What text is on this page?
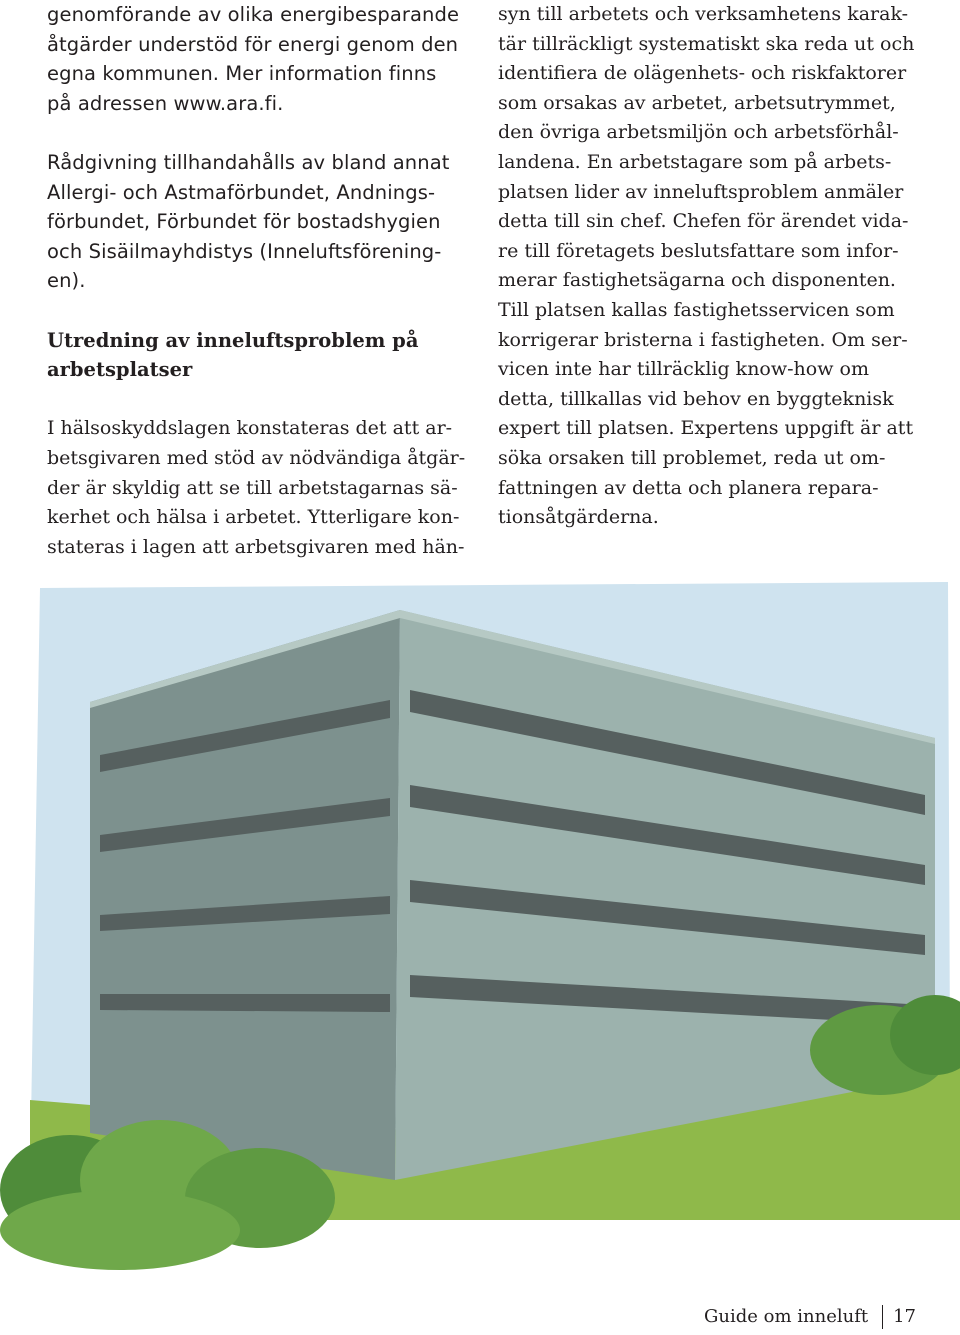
genomförande av olika energibesparande
åtgärder understöd för energi genom den
egna kommunen. Mer information finns
på adressen www.ara.fi.
Rådgivning tillhandahålls av bland annat
Allergi- och Astmaförbundet, Andnings-
förbundet, Förbundet för bostadshygien
och Sisäilmayhdistys (Inneluftsförening-
en).
Utredning av inneluftsproblem på
arbetsplatser
I hälsoskyddslagen konstateras det att ar-
betsgivaren med stöd av nödvändiga åtgär-
der är skyldig att se till arbetstagarnas sä-
kerhet och hälsa i arbetet. Ytterligare kon-
stateras i lagen att arbetsgivaren med hän-
syn till arbetets och verksamhetens karak-
tär tillräckligt systematiskt ska reda ut och
identifiera de olägenhets- och riskfaktorer
som orsakas av arbetet, arbetsutrymmet,
den övriga arbetsmiljön och arbetsförhål-
landena. En arbetstagare som på arbets-
platsen lider av inneluftsproblem anmäler
detta till sin chef. Chefen för ärendet vida-
re till företagets beslutsfattare som infor-
merar fastighetsägarna och disponenten.
Till platsen kallas fastighetsservicen som
korrigerar bristerna i fastigheten. Om ser-
vicen inte har tillräcklig know-how om
detta, tillkallas vid behov en byggteknisk
expert till platsen. Expertens uppgift är att
söka orsaken till problemet, reda ut om-
fattningen av detta och planera repara-
tionsåtgärderna.
Guide om inneluft 17
